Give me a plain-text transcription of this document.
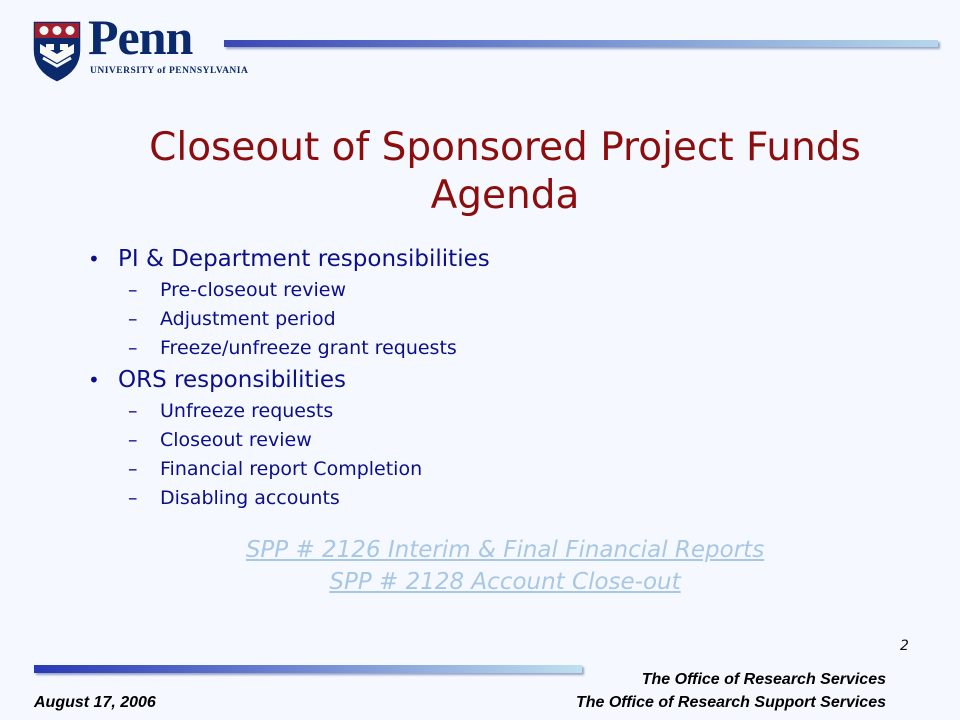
Penn
UNIVERSITY of PENNSYLVANIA
Closeout of Sponsored Project Funds
Agenda
• PI & Department responsibilities
– Pre-closeout review
– Adjustment period
– Freeze/unfreeze grant requests
• ORS responsibilities
– Unfreeze requests
– Closeout review
– Financial report Completion
– Disabling accounts
SPP # 2126 Interim & Final Financial Reports
SPP # 2128 Account Close-out
2
The Office of Research Services
The Office of Research Support Services
August 17, 2006
